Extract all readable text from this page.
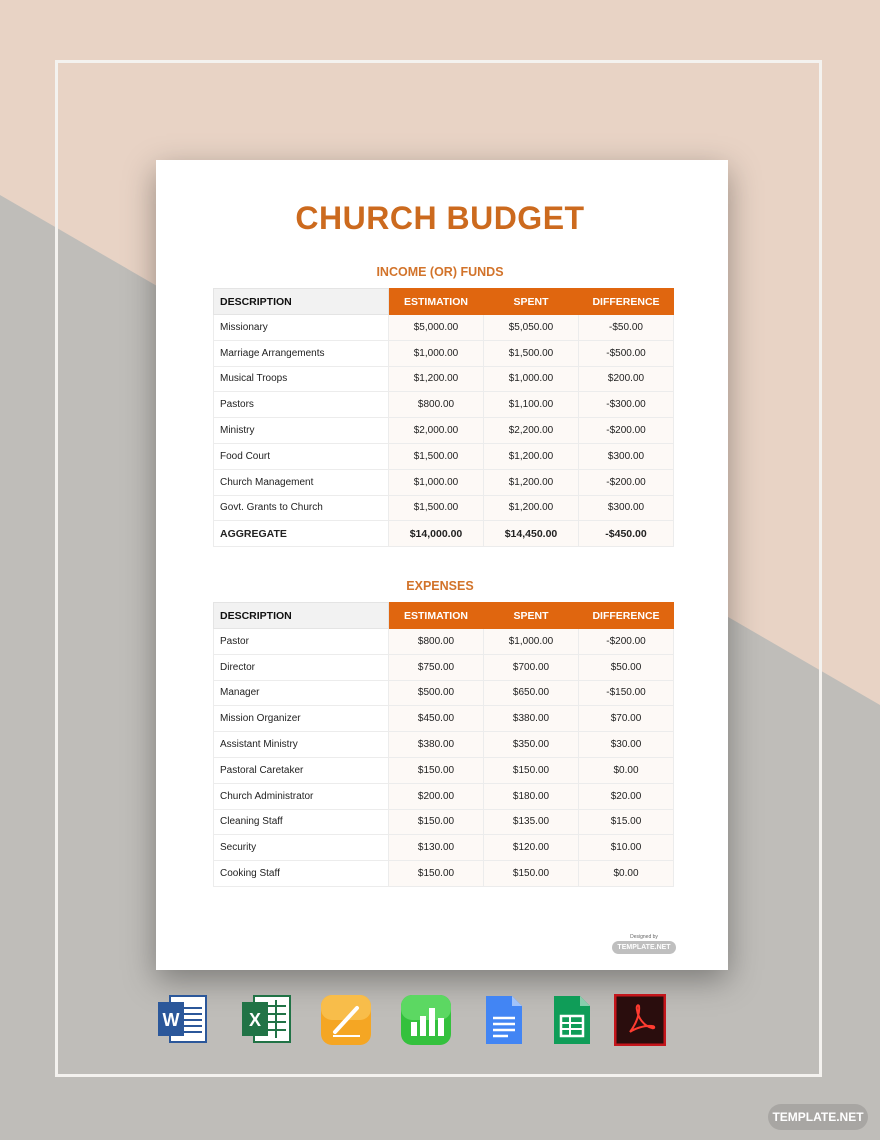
CHURCH BUDGET
INCOME (OR) FUNDS
DESCRIPTION	ESTIMATION	SPENT	DIFFERENCE
Missionary	$5,000.00	$5,050.00	-$50.00
Marriage Arrangements	$1,000.00	$1,500.00	-$500.00
Musical Troops	$1,200.00	$1,000.00	$200.00
Pastors	$800.00	$1,100.00	-$300.00
Ministry	$2,000.00	$2,200.00	-$200.00
Food Court	$1,500.00	$1,200.00	$300.00
Church Management	$1,000.00	$1,200.00	-$200.00
Govt. Grants to Church	$1,500.00	$1,200.00	$300.00
AGGREGATE	$14,000.00	$14,450.00	-$450.00
EXPENSES
DESCRIPTION	ESTIMATION	SPENT	DIFFERENCE
Pastor	$800.00	$1,000.00	-$200.00
Director	$750.00	$700.00	$50.00
Manager	$500.00	$650.00	-$150.00
Mission Organizer	$450.00	$380.00	$70.00
Assistant Ministry	$380.00	$350.00	$30.00
Pastoral Caretaker	$150.00	$150.00	$0.00
Church Administrator	$200.00	$180.00	$20.00
Cleaning Staff	$150.00	$135.00	$15.00
Security	$130.00	$120.00	$10.00
Cooking Staff	$150.00	$150.00	$0.00
Designed by
TEMPLATE.NET
W	X
TEMPLATE.NET
